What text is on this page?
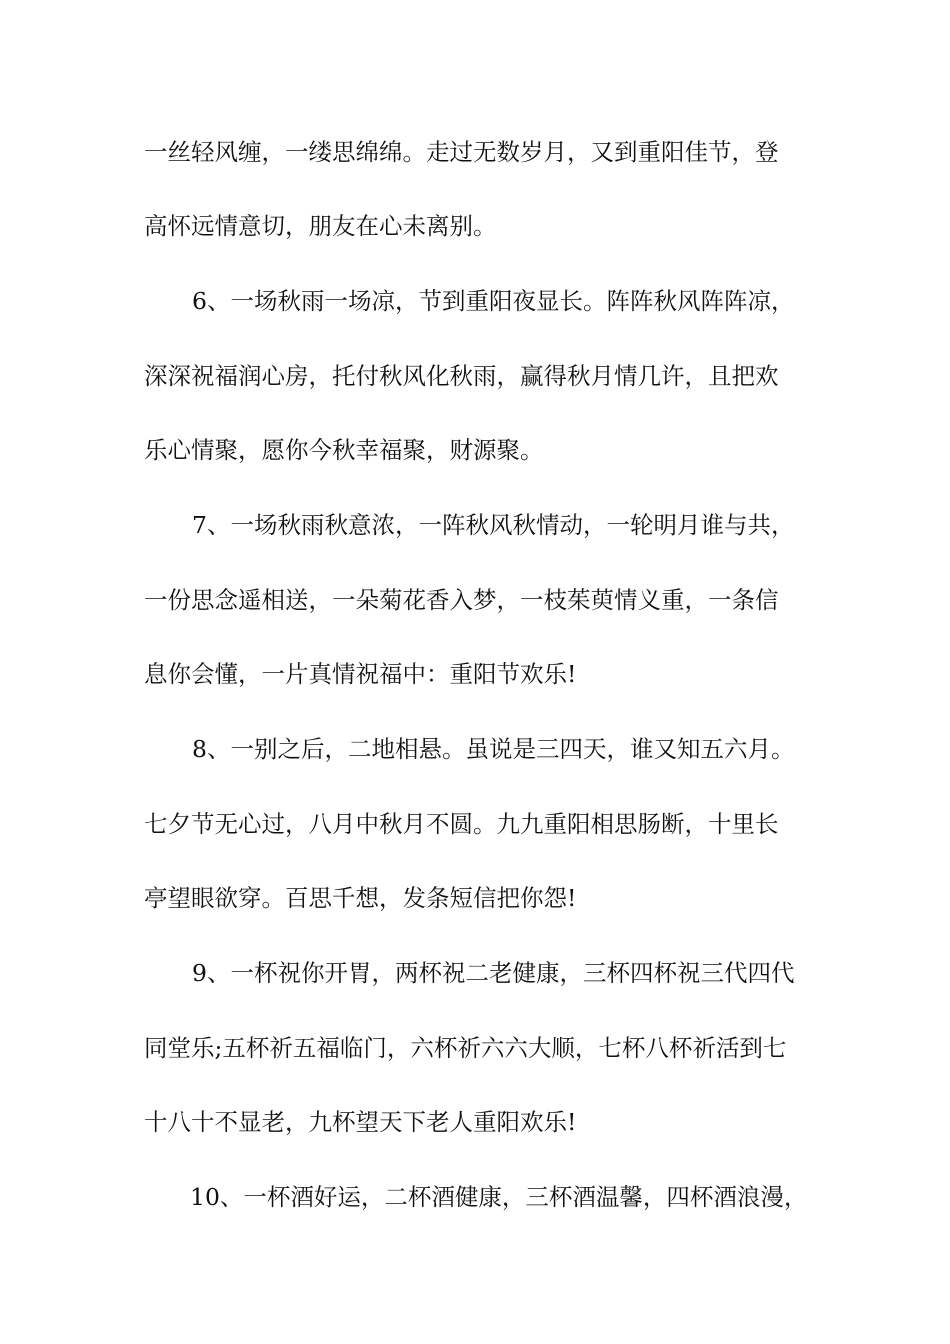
一丝轻风缠，一缕思绵绵。走过无数岁月，又到重阳佳节，登
高怀远情意切，朋友在心未离别。
6、一场秋雨一场凉，节到重阳夜显长。阵阵秋风阵阵凉，
深深祝福润心房，托付秋风化秋雨，赢得秋月情几许，且把欢
乐心情聚，愿你今秋幸福聚，财源聚。
7、一场秋雨秋意浓，一阵秋风秋情动，一轮明月谁与共，
一份思念遥相送，一朵菊花香入梦，一枝茱萸情义重，一条信
息你会懂，一片真情祝福中：重阳节欢乐!
8、一别之后，二地相悬。虽说是三四天，谁又知五六月。
七夕节无心过，八月中秋月不圆。九九重阳相思肠断，十里长
亭望眼欲穿。百思千想，发条短信把你怨!
9、一杯祝你开胃，两杯祝二老健康，三杯四杯祝三代四代
同堂乐;五杯祈五福临门，六杯祈六六大顺，七杯八杯祈活到七
十八十不显老，九杯望天下老人重阳欢乐!
10、一杯酒好运，二杯酒健康，三杯酒温馨，四杯酒浪漫，
